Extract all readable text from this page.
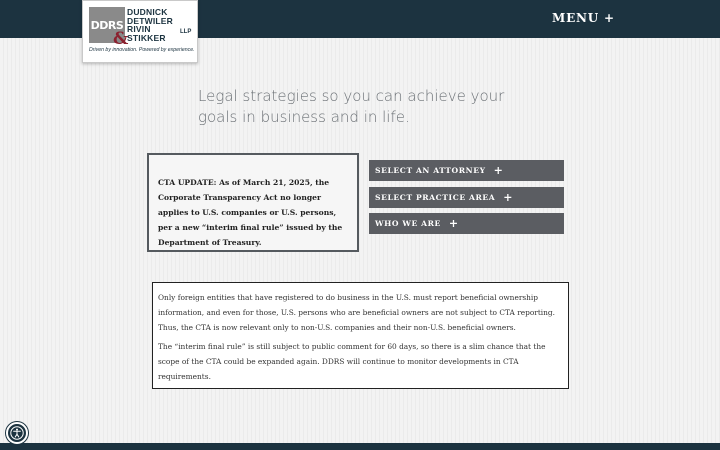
DDRS
&
DUDNICK
DETWILER
RIVIN
STIKKER
LLP
Driven by innovation. Powered by experience.
MENU +
Legal strategies so you can achieve your goals in business and in life.
CTA UPDATE: As of March 21, 2025, the Corporate Transparency Act no longer applies to U.S. companies or U.S. persons, per a new “interim final rule” issued by the Department of Treasury.
SELECT AN ATTORNEY +
SELECT PRACTICE AREA +
WHO WE ARE +

Only foreign entities that have registered to do business in the U.S. must report beneficial ownership information, and even for those, U.S. persons who are beneficial owners are not subject to CTA reporting. Thus, the CTA is now relevant only to non-U.S. companies and their non-U.S. beneficial owners.

The “interim final rule” is still subject to public comment for 60 days, so there is a slim chance that the scope of the CTA could be expanded again. DDRS will continue to monitor developments in CTA requirements.
